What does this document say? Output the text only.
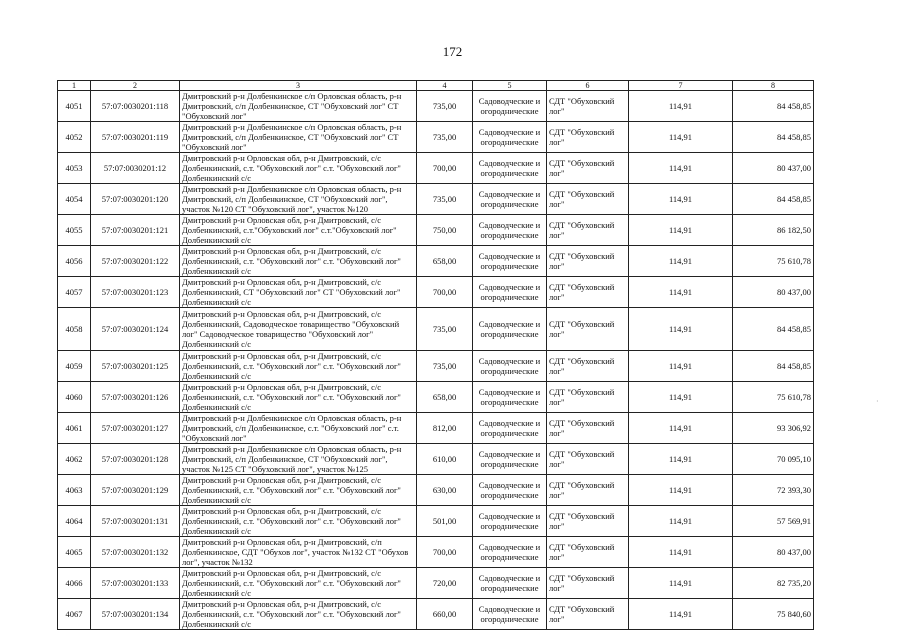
172
1	2	3	4	5	6	7	8
4051	57:07:0030201:118	Дмитровский р-н Долбенкинское с/п Орловская область, р-н Дмитровский, с/п Долбенкинское, СТ "Обуховский лог" СТ "Обуховский лог"	735,00	Садоводческие и огороднические	СДТ "Обуховский лог"	114,91	84 458,85
4052	57:07:0030201:119	Дмитровский р-н Долбенкинское с/п Орловская область, р-н Дмитровский, с/п Долбенкинское, СТ "Обуховский лог" СТ "Обуховский лог"	735,00	Садоводческие и огороднические	СДТ "Обуховский лог"	114,91	84 458,85
4053	57:07:0030201:12	Дмитровский р-н Орловская обл, р-н Дмитровский, с/с Долбенкинский, с.т. "Обуховский лог" с.т. "Обуховский лог" Долбенкинский с/с	700,00	Садоводческие и огороднические	СДТ "Обуховский лог"	114,91	80 437,00
4054	57:07:0030201:120	Дмитровский р-н Долбенкинское с/п Орловская область, р-н Дмитровский, с/п Долбенкинское, СТ "Обуховский лог", участок №120 СТ "Обуховский лог", участок №120	735,00	Садоводческие и огороднические	СДТ "Обуховский лог"	114,91	84 458,85
4055	57:07:0030201:121	Дмитровский р-н Орловская обл, р-н Дмитровский, с/с Долбенкинский, с.т."Обуховский лог" с.т."Обуховский лог" Долбенкинский с/с	750,00	Садоводческие и огороднические	СДТ "Обуховский лог"	114,91	86 182,50
4056	57:07:0030201:122	Дмитровский р-н Орловская обл, р-н Дмитровский, с/с Долбенкинский, с.т. "Обуховский лог" с.т. "Обуховский лог" Долбенкинский с/с	658,00	Садоводческие и огороднические	СДТ "Обуховский лог"	114,91	75 610,78
4057	57:07:0030201:123	Дмитровский р-н Орловская обл, р-н Дмитровский, с/с Долбенкинский, СТ "Обуховский лог" СТ "Обуховский лог" Долбенкинский с/с	700,00	Садоводческие и огороднические	СДТ "Обуховский лог"	114,91	80 437,00
4058	57:07:0030201:124	Дмитровский р-н Орловская обл, р-н Дмитровский, с/с Долбенкинский, Садоводческое товарищество "Обуховский лог" Садоводческое товарищество "Обуховский лог" Долбенкинский с/с	735,00	Садоводческие и огороднические	СДТ "Обуховский лог"	114,91	84 458,85
4059	57:07:0030201:125	Дмитровский р-н Орловская обл, р-н Дмитровский, с/с Долбенкинский, с.т. "Обуховский лог" с.т. "Обуховский лог" Долбенкинский с/с	735,00	Садоводческие и огороднические	СДТ "Обуховский лог"	114,91	84 458,85
4060	57:07:0030201:126	Дмитровский р-н Орловская обл, р-н Дмитровский, с/с Долбенкинский, с.т. "Обуховский лог" с.т. "Обуховский лог" Долбенкинский с/с	658,00	Садоводческие и огороднические	СДТ "Обуховский лог"	114,91	75 610,78
4061	57:07:0030201:127	Дмитровский р-н Долбенкинское с/п Орловская область, р-н Дмитровский, с/п Долбенкинское, с.т. "Обуховский лог" с.т. "Обуховский лог"	812,00	Садоводческие и огороднические	СДТ "Обуховский лог"	114,91	93 306,92
4062	57:07:0030201:128	Дмитровский р-н Долбенкинское с/п Орловская область, р-н Дмитровский, с/п Долбенкинское, СТ "Обуховский лог", участок №125 СТ "Обуховский лог", участок №125	610,00	Садоводческие и огороднические	СДТ "Обуховский лог"	114,91	70 095,10
4063	57:07:0030201:129	Дмитровский р-н Орловская обл, р-н Дмитровский, с/с Долбенкинский, с.т. "Обуховский лог" с.т. "Обуховский лог" Долбенкинский с/с	630,00	Садоводческие и огороднические	СДТ "Обуховский лог"	114,91	72 393,30
4064	57:07:0030201:131	Дмитровский р-н Орловская обл, р-н Дмитровский, с/с Долбенкинский, с.т. "Обуховский лог" с.т. "Обуховский лог" Долбенкинский с/с	501,00	Садоводческие и огороднические	СДТ "Обуховский лог"	114,91	57 569,91
4065	57:07:0030201:132	Дмитровский р-н Орловская обл, р-н Дмитровский, с/п Долбенкинское, СДТ "Обухов лог", участок №132 СТ "Обухов лог", участок №132	700,00	Садоводческие и огороднические	СДТ "Обуховский лог"	114,91	80 437,00
4066	57:07:0030201:133	Дмитровский р-н Орловская обл, р-н Дмитровский, с/с Долбенкинский, с.т. "Обуховский лог" с.т. "Обуховский лог" Долбенкинский с/с	720,00	Садоводческие и огороднические	СДТ "Обуховский лог"	114,91	82 735,20
4067	57:07:0030201:134	Дмитровский р-н Орловская обл, р-н Дмитровский, с/с Долбенкинский, с.т. "Обуховский лог" с.т. "Обуховский лог" Долбенкинский с/с	660,00	Садоводческие и огороднические	СДТ "Обуховский лог"	114,91	75 840,60
·
